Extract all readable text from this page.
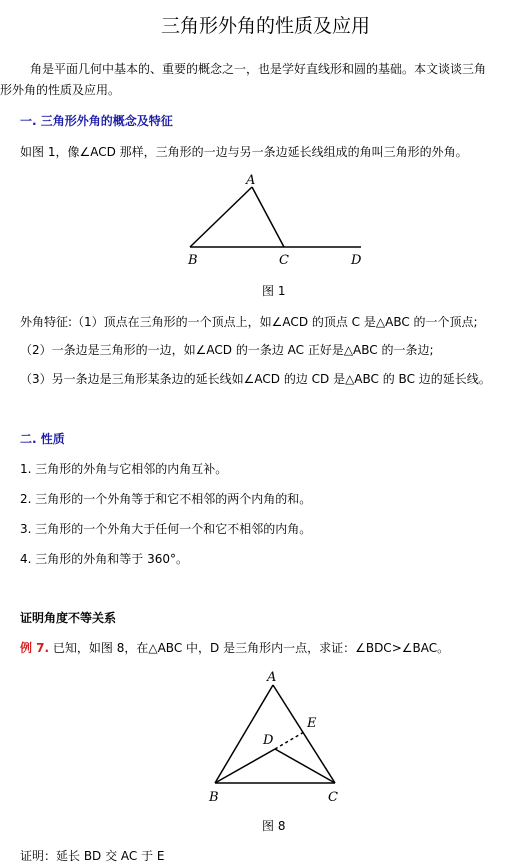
三角形外角的性质及应用
角是平面几何中基本的、重要的概念之一，也是学好直线形和圆的基础。本文谈谈三角
形外角的性质及应用。
一. 三角形外角的概念及特征
如图 1，像∠ACD 那样，三角形的一边与另一条边延长线组成的角叫三角形的外角。
A
B	C	D
图 1
外角特征:（1）顶点在三角形的一个顶点上，如∠ACD 的顶点 C 是△ABC 的一个顶点;
（2）一条边是三角形的一边，如∠ACD 的一条边 AC 正好是△ABC 的一条边;
（3）另一条边是三角形某条边的延长线如∠ACD 的边 CD 是△ABC 的 BC 边的延长线。
二. 性质
1. 三角形的外角与它相邻的内角互补。
2. 三角形的一个外角等于和它不相邻的两个内角的和。
3. 三角形的一个外角大于任何一个和它不相邻的内角。
4. 三角形的外角和等于 360°。
证明角度不等关系
例 7. 已知，如图 8，在△ABC 中，D 是三角形内一点，求证：∠BDC>∠BAC。
A
B	C
D
E
图 8
证明：延长 BD 交 AC 于 E
